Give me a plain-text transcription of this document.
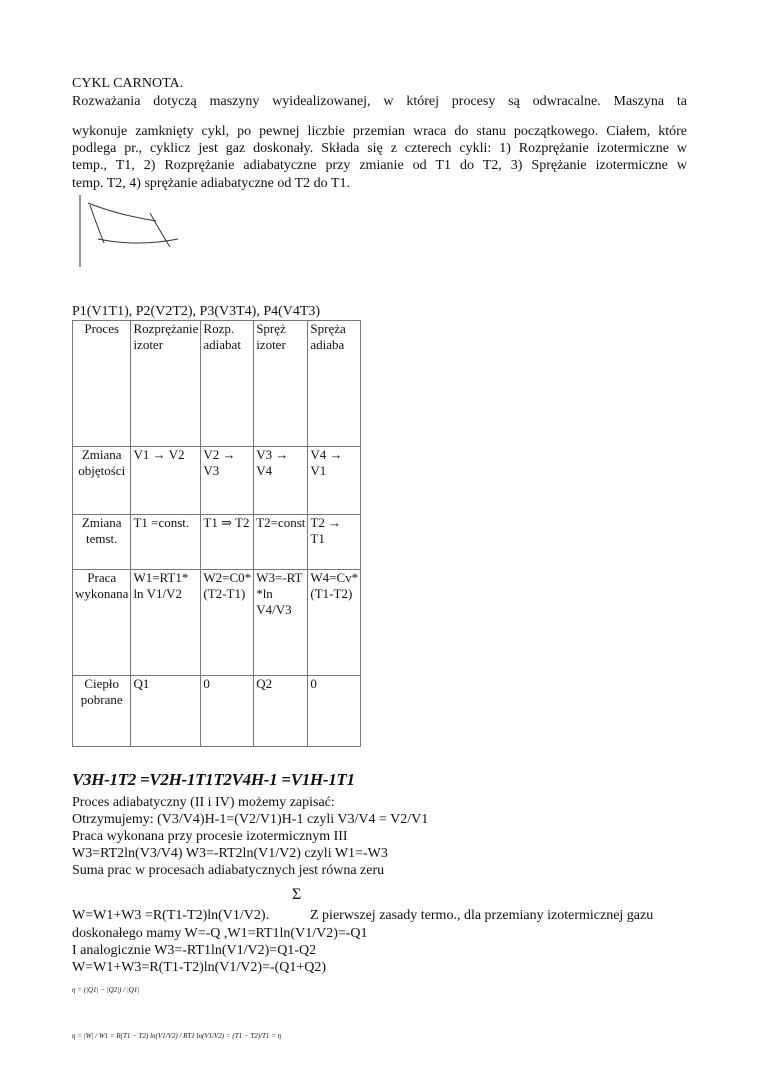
CYKL CARNOTA.
Rozważania dotyczą maszyny wyidealizowanej, w której procesy są odwracalne. Maszyna ta
wykonuje zamknięty cykl, po pewnej liczbie przemian wraca do stanu początkowego. Ciałem, które
podlega pr., cyklicz jest gaz doskonały. Składa się z czterech cykli: 1) Rozprężanie izotermiczne w
temp., T1, 2) Rozprężanie adiabatyczne przy zmianie od T1 do T2, 3) Sprężanie izotermiczne w
temp. T2, 4) sprężanie adiabatyczne od T2 do T1.
P1(V1T1), P2(V2T2), P3(V3T4), P4(V4T3)
Proces	Rozprężanie izoter	Rozp. adiabat	Spręż izoter	Spręża adiaba
Zmiana objętości	V1 → V2	V2 → V3	V3 → V4	V4 → V1
Zmiana temst.	T1 =const.	T1 ⇒ T2	T2=const	T2 → T1
Praca wykonana	W1=RT1* ln V1/V2	W2=C0* (T2-T1)	W3=-RT *ln V4/V3	W4=Cv* (T1-T2)
Ciepło pobrane	Q1	0	Q2	0
V3H-1T2 =V2H-1T1T2V4H-1 =V1H-1T1
Proces adiabatyczny (II i IV) możemy zapisać:
Otrzymujemy: (V3/V4)H-1=(V2/V1)H-1 czyli V3/V4 = V2/V1
Praca wykonana przy procesie izotermicznym III
W3=RT2ln(V3/V4) W3=-RT2ln(V1/V2) czyli W1=-W3
Suma prac w procesach adiabatycznych jest równa zeru
Σ
W=W1+W3 =R(T1-T2)ln(V1/V2).	Z pierwszej zasady termo., dla przemiany izotermicznej gazu
doskonałego mamy W=-Q ,W1=RT1ln(V1/V2)=-Q1
I analogicznie W3=-RT1ln(V1/V2)=Q1-Q2
W=W1+W3=R(T1-T2)ln(V1/V2)=-(Q1+Q2)
η = (|Q1| − |Q2|) / |Q1|
η = |W| / W1 = R(T1 − T2) ln(V1/V2) / RT1 ln(V1/V2) = (T1 − T2)/T1 = η
